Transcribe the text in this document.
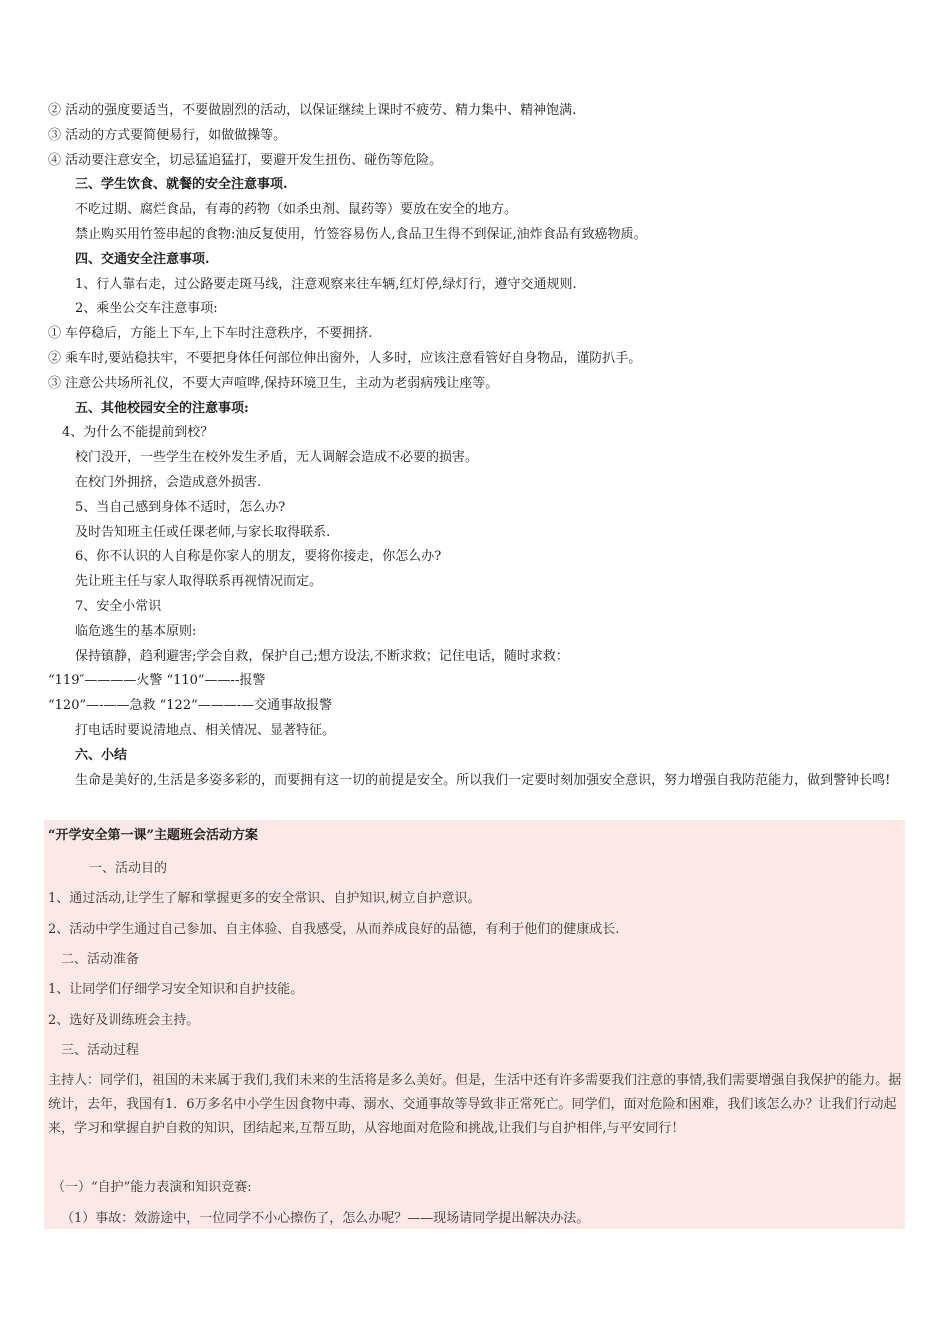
② 活动的强度要适当，不要做剧烈的活动，以保证继续上课时不疲劳、精力集中、精神饱满.
③ 活动的方式要简便易行，如做做操等。
④ 活动要注意安全，切忌猛追猛打，要避开发生扭伤、碰伤等危险。
三、学生饮食、就餐的安全注意事项.
不吃过期、腐烂食品，有毒的药物（如杀虫剂、鼠药等）要放在安全的地方。
禁止购买用竹签串起的食物:油反复使用，竹签容易伤人,食品卫生得不到保证,油炸食品有致癌物质。
四、交通安全注意事项.
1、行人靠右走，过公路要走斑马线，注意观察来往车辆,红灯停,绿灯行，遵守交通规则.
2、乘坐公交车注意事项:
① 车停稳后，方能上下车,上下车时注意秩序，不要拥挤.
② 乘车时,要站稳扶牢，不要把身体任何部位伸出窗外，人多时，应该注意看管好自身物品，谨防扒手。
③ 注意公共场所礼仪，不要大声喧哗,保持环境卫生，主动为老弱病残让座等。
五、其他校园安全的注意事项:
4、为什么不能提前到校？
校门没开，一些学生在校外发生矛盾，无人调解会造成不必要的损害。
在校门外拥挤，会造成意外损害.
5、当自己感到身体不适时，怎么办?
及时告知班主任或任课老师,与家长取得联系.
6、你不认识的人自称是你家人的朋友，要将你接走，你怎么办?
先让班主任与家人取得联系再视情况而定。
7、安全小常识
临危逃生的基本原则:
保持镇静，趋利避害;学会自救，保护自己;想方设法,不断求救；记住电话，随时求救：
“119″————火警 “110”——--报警
“120”—-——急救 “122”———-—交通事故报警
打电话时要说清地点、相关情况、显著特征。
六、小结
生命是美好的,生活是多姿多彩的，而要拥有这一切的前提是安全。所以我们一定要时刻加强安全意识，努力增强自我防范能力，做到警钟长鸣!
“开学安全第一课”主题班会活动方案
一、活动目的
1、通过活动,让学生了解和掌握更多的安全常识、自护知识,树立自护意识。
2、活动中学生通过自己参加、自主体验、自我感受，从而养成良好的品德，有利于他们的健康成长.
二、活动准备
1、让同学们仔细学习安全知识和自护技能。
2、选好及训练班会主持。
三、活动过程
主持人：同学们，祖国的未来属于我们,我们未来的生活将是多么美好。但是，生活中还有许多需要我们注意的事情,我们需要增强自我保护的能力。据统计，去年，我国有1．6万多名中小学生因食物中毒、溺水、交通事故等导致非正常死亡。同学们，面对危险和困难，我们该怎么办？让我们行动起来，学习和掌握自护自救的知识，团结起来,互帮互助，从容地面对危险和挑战,让我们与自护相伴,与平安同行！
（一）“自护”能力表演和知识竞赛:
（1）事故：效游途中，一位同学不小心擦伤了，怎么办呢？——现场请同学提出解决办法。
